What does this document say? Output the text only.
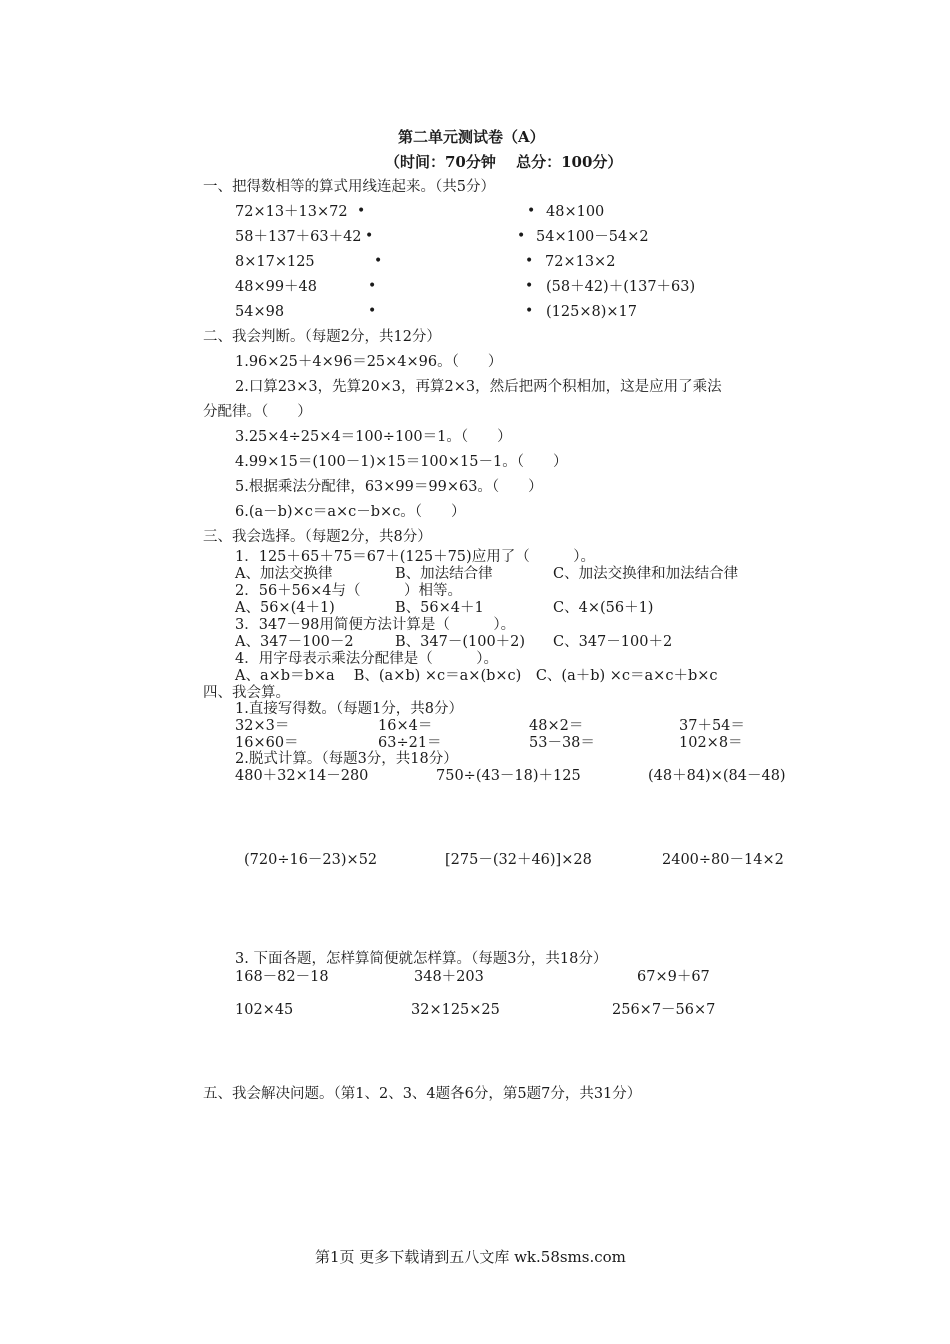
第二单元测试卷（A）
（时间：70分钟　 总分：100分）
一、把得数相等的算式用线连起来。（共5分）
72×13＋13×72 •	• 48×100
58＋137＋63＋42 •	• 54×100－54×2
8×17×125	•	• 72×13×2
48×99＋48	•	• (58＋42)＋(137＋63)
54×98	•	• (125×8)×17
二、我会判断。（每题2分，共12分）
1.96×25＋4×96＝25×4×96。（　　）
2.口算23×3，先算20×3，再算2×3，然后把两个积相加，这是应用了乘法
分配律。（　　）
3.25×4÷25×4＝100÷100＝1。（　　）
4.99×15＝(100－1)×15＝100×15－1。（　　）
5.根据乘法分配律，63×99＝99×63。（　　）
6.(a－b)×c＝a×c－b×c。（　　）
三、我会选择。（每题2分，共8分）
1．125＋65＋75＝67＋(125＋75)应用了（　　　）。
A、加法交换律	B、加法结合律	C、加法交换律和加法结合律
2．56＋56×4与（　　　）相等。
A、56×(4＋1)	B、56×4＋1	C、4×(56＋1)
3．347－98用简便方法计算是（　　　）。
A、347－100－2	B、347－(100＋2) C、347－100＋2
4．用字母表示乘法分配律是（　　　）。
A、a×b＝b×a　 B、(a×b) ×c＝a×(b×c)　C、(a＋b) ×c＝a×c＋b×c
四、我会算。
1.直接写得数。（每题1分，共8分）
32×3＝	16×4＝	48×2＝	37＋54＝
16×60＝	63÷21＝	53－38＝	102×8＝
2.脱式计算。（每题3分，共18分）
480＋32×14－280	750÷(43－18)＋125	(48＋84)×(84－48)
(720÷16－23)×52	[275－(32＋46)]×28	2400÷80－14×2
3. 下面各题，怎样算简便就怎样算。（每题3分，共18分）
168－82－18	348＋203	67×9＋67
102×45	32×125×25	256×7－56×7
五、我会解决问题。（第1、2、3、4题各6分，第5题7分，共31分）
第1页 更多下载请到五八文库 wk.58sms.com
